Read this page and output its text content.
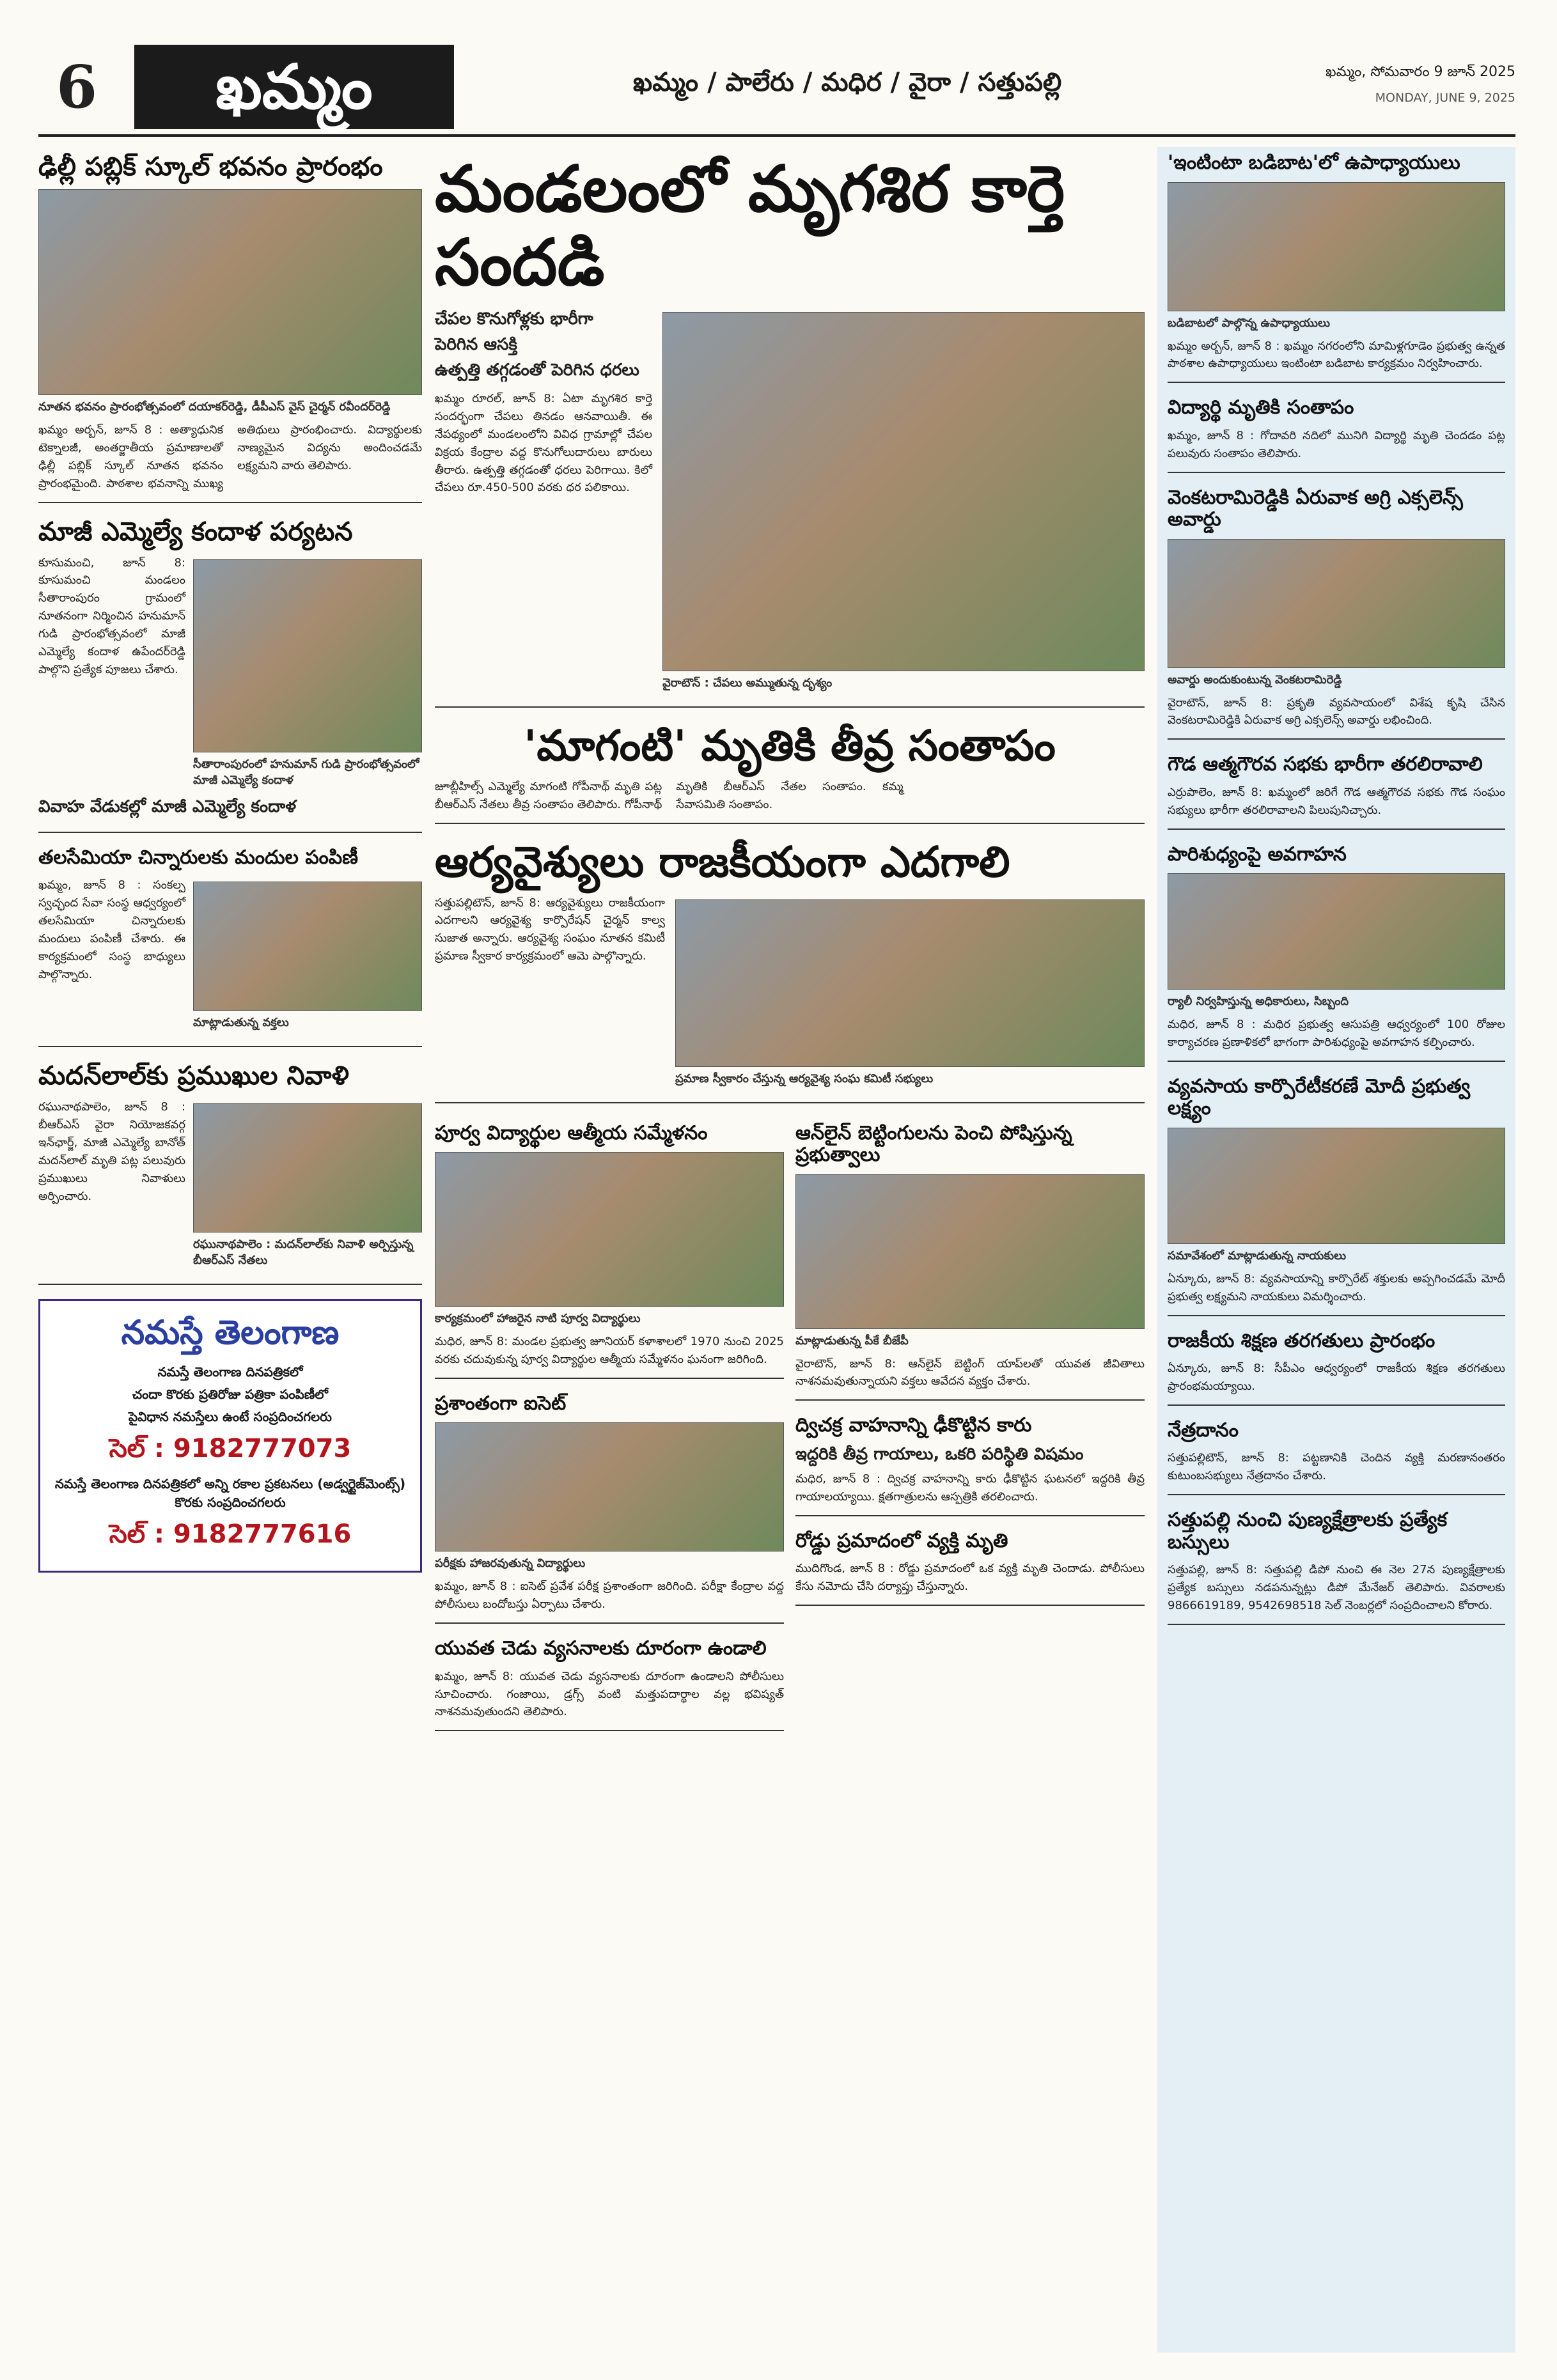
6	ఖమ్మం	ఖమ్మం / పాలేరు / మధిర / వైరా / సత్తుపల్లి	ఖమ్మం, సోమవారం 9 జూన్ 2025
MONDAY, JUNE 9, 2025
ఢిల్లీ పబ్లిక్ స్కూల్ భవనం ప్రారంభం
నూతన భవనం ప్రారంభోత్సవంలో దయాకర్‌రెడ్డి, డీపీఎస్ వైస్ చైర్మన్ రవీందర్‌రెడ్డి
ఖమ్మం అర్బన్, జూన్ 8 : అత్యాధునిక టెక్నాలజీ, అంతర్జాతీయ ప్రమాణాలతో ఢిల్లీ పబ్లిక్ స్కూల్ నూతన భవనం ప్రారంభమైంది. పాఠశాల భవనాన్ని ముఖ్య అతిథులు ప్రారంభించారు. విద్యార్థులకు నాణ్యమైన విద్యను అందించడమే లక్ష్యమని వారు తెలిపారు.
మాజీ ఎమ్మెల్యే కందాళ పర్యటన
కూసుమంచి, జూన్ 8: కూసుమంచి మండలం సీతారాంపురం గ్రామంలో నూతనంగా నిర్మించిన హనుమాన్ గుడి ప్రారంభోత్సవంలో మాజీ ఎమ్మెల్యే కందాళ ఉపేందర్‌రెడ్డి పాల్గొని ప్రత్యేక పూజలు చేశారు.
సీతారాంపురంలో హనుమాన్ గుడి ప్రారంభోత్సవంలో మాజీ ఎమ్మెల్యే కందాళ
వివాహ వేడుకల్లో మాజీ ఎమ్మెల్యే కందాళ
తలసేమియా చిన్నారులకు మందుల పంపిణీ
ఖమ్మం, జూన్ 8 : సంకల్ప స్వచ్ఛంద సేవా సంస్థ ఆధ్వర్యంలో తలసేమియా చిన్నారులకు మందులు పంపిణీ చేశారు. ఈ కార్యక్రమంలో సంస్థ బాధ్యులు పాల్గొన్నారు.
మాట్లాడుతున్న వక్తలు
మదన్‌లాల్‌కు ప్రముఖుల నివాళి
రఘునాథపాలెం, జూన్ 8 : బీఆర్ఎస్ వైరా నియోజకవర్గ ఇన్‌ఛార్జ్, మాజీ ఎమ్మెల్యే బానోత్ మదన్‌లాల్ మృతి పట్ల పలువురు ప్రముఖులు నివాళులు అర్పించారు.
రఘునాథపాలెం : మదన్‌లాల్‌కు నివాళి అర్పిస్తున్న బీఆర్ఎస్ నేతలు
నమస్తే తెలంగాణ
నమస్తే తెలంగాణ దినపత్రికలో
చందా కొరకు ప్రతిరోజు పత్రికా పంపిణీలో
పైవిధాన నమస్తేలు ఉంటే సంప్రదించగలరు
సెల్ : 9182777073
నమస్తే తెలంగాణ దినపత్రికలో అన్ని రకాల ప్రకటనలు (అడ్వర్టైజ్‌మెంట్స్) కొరకు సంప్రదించగలరు
సెల్ : 9182777616
మండలంలో మృగశిర కార్తె సందడి
చేపల కొనుగోళ్లకు భారీగా
పెరిగిన ఆసక్తి
ఉత్పత్తి తగ్గడంతో పెరిగిన ధరలు
ఖమ్మం రూరల్, జూన్ 8: ఏటా మృగశిర కార్తె సందర్భంగా చేపలు తినడం ఆనవాయితీ. ఈ నేపథ్యంలో మండలంలోని వివిధ గ్రామాల్లో చేపల విక్రయ కేంద్రాల వద్ద కొనుగోలుదారులు బారులు తీరారు. ఉత్పత్తి తగ్గడంతో ధరలు పెరిగాయి. కిలో చేపలు రూ.450-500 వరకు ధర పలికాయి.
వైరాటౌన్ : చేపలు అమ్ముతున్న దృశ్యం
'మాగంటి' మృతికి తీవ్ర సంతాపం
జూబ్లీహిల్స్ ఎమ్మెల్యే మాగంటి గోపీనాథ్ మృతి పట్ల బీఆర్ఎస్ నేతలు తీవ్ర సంతాపం తెలిపారు. గోపీనాథ్ మృతికి బీఆర్ఎస్ నేతల సంతాపం. కమ్మ సేవాసమితి సంతాపం.
ఆర్యవైశ్యులు రాజకీయంగా ఎదగాలి
సత్తుపల్లిటౌన్, జూన్ 8: ఆర్యవైశ్యులు రాజకీయంగా ఎదగాలని ఆర్యవైశ్య కార్పొరేషన్ చైర్మన్ కాల్వ సుజాత అన్నారు. ఆర్యవైశ్య సంఘం నూతన కమిటీ ప్రమాణ స్వీకార కార్యక్రమంలో ఆమె పాల్గొన్నారు.
ప్రమాణ స్వీకారం చేస్తున్న ఆర్యవైశ్య సంఘ కమిటీ సభ్యులు
పూర్వ విద్యార్థుల ఆత్మీయ సమ్మేళనం
కార్యక్రమంలో హాజరైన నాటి పూర్వ విద్యార్థులు
మధిర, జూన్ 8: మండల ప్రభుత్వ జూనియర్ కళాశాలలో 1970 నుంచి 2025 వరకు చదువుకున్న పూర్వ విద్యార్థుల ఆత్మీయ సమ్మేళనం ఘనంగా జరిగింది.
ప్రశాంతంగా ఐసెట్
పరీక్షకు హాజరవుతున్న విద్యార్థులు
ఖమ్మం, జూన్ 8 : ఐసెట్ ప్రవేశ పరీక్ష ప్రశాంతంగా జరిగింది. పరీక్షా కేంద్రాల వద్ద పోలీసులు బందోబస్తు ఏర్పాటు చేశారు.
యువత చెడు వ్యసనాలకు దూరంగా ఉండాలి
ఖమ్మం, జూన్ 8: యువత చెడు వ్యసనాలకు దూరంగా ఉండాలని పోలీసులు సూచించారు. గంజాయి, డ్రగ్స్ వంటి మత్తుపదార్థాల వల్ల భవిష్యత్ నాశనమవుతుందని తెలిపారు.
ఆన్‌లైన్ బెట్టింగులను పెంచి పోషిస్తున్న ప్రభుత్వాలు
మాట్లాడుతున్న పీకే బీజేపీ
వైరాటౌన్, జూన్ 8: ఆన్‌లైన్ బెట్టింగ్ యాప్‌లతో యువత జీవితాలు నాశనమవుతున్నాయని వక్తలు ఆవేదన వ్యక్తం చేశారు.
ద్విచక్ర వాహనాన్ని ఢీకొట్టిన కారు
ఇద్దరికి తీవ్ర గాయాలు, ఒకరి పరిస్థితి విషమం
మధిర, జూన్ 8 : ద్విచక్ర వాహనాన్ని కారు ఢీకొట్టిన ఘటనలో ఇద్దరికి తీవ్ర గాయాలయ్యాయి. క్షతగాత్రులను ఆస్పత్రికి తరలించారు.
రోడ్డు ప్రమాదంలో వ్యక్తి మృతి
ముదిగొండ, జూన్ 8 : రోడ్డు ప్రమాదంలో ఒక వ్యక్తి మృతి చెందాడు. పోలీసులు కేసు నమోదు చేసి దర్యాప్తు చేస్తున్నారు.
'ఇంటింటా బడిబాట'లో ఉపాధ్యాయులు
బడిబాటలో పాల్గొన్న ఉపాధ్యాయులు
ఖమ్మం అర్బన్, జూన్ 8 : ఖమ్మం నగరంలోని మామిళ్లగూడెం ప్రభుత్వ ఉన్నత పాఠశాల ఉపాధ్యాయులు ఇంటింటా బడిబాట కార్యక్రమం నిర్వహించారు.
విద్యార్థి మృతికి సంతాపం
ఖమ్మం, జూన్ 8 : గోదావరి నదిలో మునిగి విద్యార్థి మృతి చెందడం పట్ల పలువురు సంతాపం తెలిపారు.
వెంకటరామిరెడ్డికి ఏరువాక అగ్రి ఎక్సలెన్స్ అవార్డు
అవార్డు అందుకుంటున్న వెంకటరామిరెడ్డి
వైరాటౌన్, జూన్ 8: ప్రకృతి వ్యవసాయంలో విశేష కృషి చేసిన వెంకటరామిరెడ్డికి ఏరువాక అగ్రి ఎక్సలెన్స్ అవార్డు లభించింది.
గౌడ ఆత్మగౌరవ సభకు భారీగా తరలిరావాలి
ఎర్రుపాలెం, జూన్ 8: ఖమ్మంలో జరిగే గౌడ ఆత్మగౌరవ సభకు గౌడ సంఘం సభ్యులు భారీగా తరలిరావాలని పిలుపునిచ్చారు.
పారిశుధ్యంపై అవగాహన
ర్యాలీ నిర్వహిస్తున్న అధికారులు, సిబ్బంది
మధిర, జూన్ 8 : మధిర ప్రభుత్వ ఆసుపత్రి ఆధ్వర్యంలో 100 రోజుల కార్యాచరణ ప్రణాళికలో భాగంగా పారిశుధ్యంపై అవగాహన కల్పించారు.
వ్యవసాయ కార్పొరేటీకరణే మోదీ ప్రభుత్వ లక్ష్యం
సమావేశంలో మాట్లాడుతున్న నాయకులు
ఏన్కూరు, జూన్ 8: వ్యవసాయాన్ని కార్పొరేట్ శక్తులకు అప్పగించడమే మోదీ ప్రభుత్వ లక్ష్యమని నాయకులు విమర్శించారు.
రాజకీయ శిక్షణ తరగతులు ప్రారంభం
ఏన్కూరు, జూన్ 8: సీపీఎం ఆధ్వర్యంలో రాజకీయ శిక్షణ తరగతులు ప్రారంభమయ్యాయి.
నేత్రదానం
సత్తుపల్లిటౌన్, జూన్ 8: పట్టణానికి చెందిన వ్యక్తి మరణానంతరం కుటుంబసభ్యులు నేత్రదానం చేశారు.
సత్తుపల్లి నుంచి పుణ్యక్షేత్రాలకు ప్రత్యేక బస్సులు
సత్తుపల్లి, జూన్ 8: సత్తుపల్లి డిపో నుంచి ఈ నెల 27న పుణ్యక్షేత్రాలకు ప్రత్యేక బస్సులు నడపనున్నట్లు డిపో మేనేజర్ తెలిపారు. వివరాలకు 9866619189, 9542698518 సెల్ నెంబర్లలో సంప్రదించాలని కోరారు.
